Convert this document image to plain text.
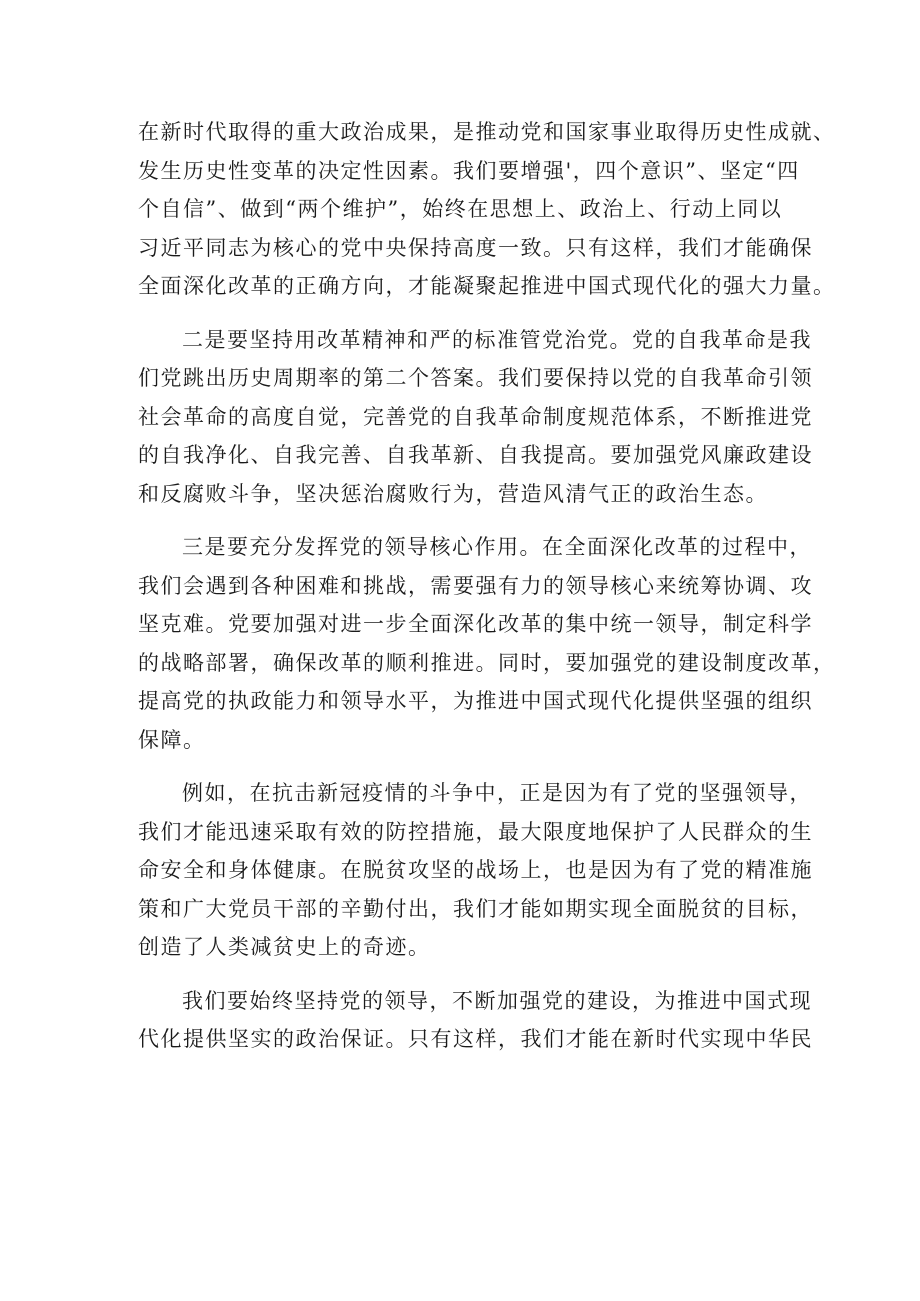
在新时代取得的重大政治成果，是推动党和国家事业取得历史性成就、
发生历史性变革的决定性因素。我们要增强'，四个意识”、坚定“四
个自信”、做到“两个维护”，始终在思想上、政治上、行动上同以
习近平同志为核心的党中央保持高度一致。只有这样，我们才能确保
全面深化改革的正确方向，才能凝聚起推进中国式现代化的强大力量。
二是要坚持用改革精神和严的标准管党治党。党的自我革命是我
们党跳出历史周期率的第二个答案。我们要保持以党的自我革命引领
社会革命的高度自觉，完善党的自我革命制度规范体系，不断推进党
的自我净化、自我完善、自我革新、自我提高。要加强党风廉政建设
和反腐败斗争，坚决惩治腐败行为，营造风清气正的政治生态。
三是要充分发挥党的领导核心作用。在全面深化改革的过程中，
我们会遇到各种困难和挑战，需要强有力的领导核心来统筹协调、攻
坚克难。党要加强对进一步全面深化改革的集中统一领导，制定科学
的战略部署，确保改革的顺利推进。同时，要加强党的建设制度改革，
提高党的执政能力和领导水平，为推进中国式现代化提供坚强的组织
保障。
例如，在抗击新冠疫情的斗争中，正是因为有了党的坚强领导，
我们才能迅速采取有效的防控措施，最大限度地保护了人民群众的生
命安全和身体健康。在脱贫攻坚的战场上，也是因为有了党的精准施
策和广大党员干部的辛勤付出，我们才能如期实现全面脱贫的目标，
创造了人类减贫史上的奇迹。
我们要始终坚持党的领导，不断加强党的建设，为推进中国式现
代化提供坚实的政治保证。只有这样，我们才能在新时代实现中华民
